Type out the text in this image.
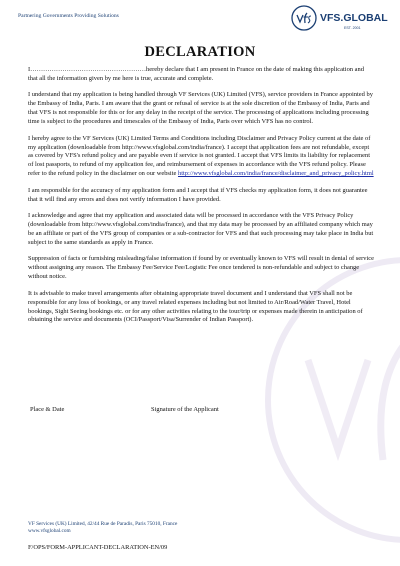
Partnering Governments Providing Solutions	VFS.GLOBAL
EST. 2001
DECLARATION

I………………………………………………hereby declare that I am present in France on the date of making this application and that all the information given by me here is true, accurate and complete.

I understand that my application is being handled through VF Services (UK) Limited (VFS), service providers in France appointed by the Embassy of India, Paris. I am aware that the grant or refusal of service is at the sole discretion of the Embassy of India, Paris and that VFS is not responsible for this or for any delay in the receipt of the service. The processing of applications including processing time is subject to the procedures and timescales of the Embassy of India, Paris over which VFS has no control.

I hereby agree to the VF Services (UK) Limited Terms and Conditions including Disclaimer and Privacy Policy current at the date of my application (downloadable from http://www.vfsglobal.com/india/france). I accept that application fees are not refundable, except as covered by VFS's refund policy and are payable even if service is not granted. I accept that VFS limits its liability for replacement of lost passports, to refund of my application fee, and reimbursement of expenses in accordance with the VFS refund policy. Please refer to the refund policy in the disclaimer on our website http://www.vfsglobal.com/india/france/disclaimer_and_privacy_policy.html

I am responsible for the accuracy of my application form and I accept that if VFS checks my application form, it does not guarantee that it will find any errors and does not verify information I have provided.

I acknowledge and agree that my application and associated data will be processed in accordance with the VFS Privacy Policy (downloadable from http://www.vfsglobal.com/india/france), and that my data may be processed by an affiliated company which may be an affiliate or part of the VFS group of companies or a sub-contractor for VFS and that such processing may take place in India but subject to the same standards as apply in France.

Suppression of facts or furnishing misleading/false information if found by or eventually known to VFS will result in denial of service without assigning any reason. The Embassy Fee/Service Fee/Logistic Fee once tendered is non-refundable and subject to change without notice.

It is advisable to make travel arrangements after obtaining appropriate travel document and I understand that VFS shall not be responsible for any loss of bookings, or any travel related expenses including but not limited to Air/Road/Water Travel, Hotel bookings, Sight Seeing bookings etc. or for any other activities relating to the tour/trip or expenses made therein in anticipation of obtaining the service and documents (OCI/Passport/Visa/Surrender of Indian Passport).

Place & Date	Signature of the Applicant
VF Services (UK) Limited, 42/44 Rue de Paradis, Paris 75010, France
www.vfsglobal.com
F/OPS/FORM-APPLICANT-DECLARATION-EN/09
